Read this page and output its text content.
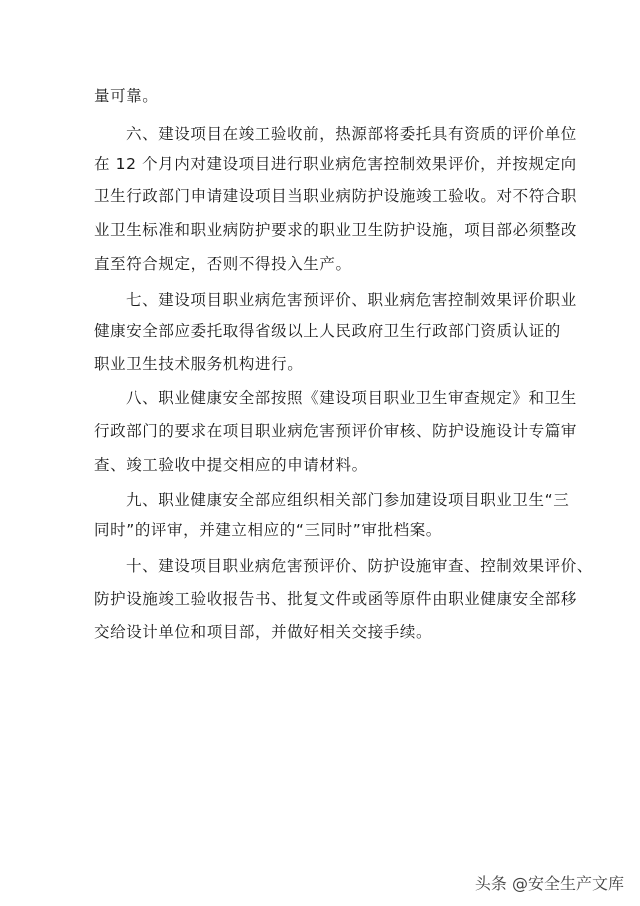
量可靠。
六、建设项目在竣工验收前，热源部将委托具有资质的评价单位
在 12 个月内对建设项目进行职业病危害控制效果评价，并按规定向
卫生行政部门申请建设项目当职业病防护设施竣工验收。对不符合职
业卫生标准和职业病防护要求的职业卫生防护设施，项目部必须整改
直至符合规定，否则不得投入生产。
七、建设项目职业病危害预评价、职业病危害控制效果评价职业
健康安全部应委托取得省级以上人民政府卫生行政部门资质认证的
职业卫生技术服务机构进行。
八、职业健康安全部按照《建设项目职业卫生审查规定》和卫生
行政部门的要求在项目职业病危害预评价审核、防护设施设计专篇审
查、竣工验收中提交相应的申请材料。
九、职业健康安全部应组织相关部门参加建设项目职业卫生“三
同时”的评审，并建立相应的“三同时”审批档案。
十、建设项目职业病危害预评价、防护设施审查、控制效果评价、
防护设施竣工验收报告书、批复文件或函等原件由职业健康安全部移
交给设计单位和项目部，并做好相关交接手续。
头条 @安全生产文库
